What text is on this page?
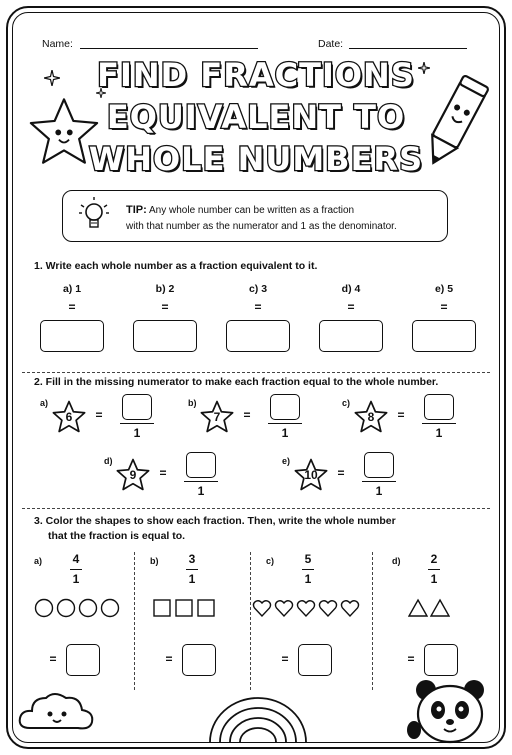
Name:	Date:
FIND FRACTIONS
EQUIVALENT TO
WHOLE NUMBERS
TIP: Any whole number can be written as a fraction
with that number as the numerator and 1 as the denominator.
1. Write each whole number as a fraction equivalent to it.
a) 1
=
b) 2
=
c) 3
=
d) 4
=
e) 5
=
2. Fill in the missing numerator to make each fraction equal to the whole number.
a)
6	=
1
b)
7	=
1
c)
8	=
1
d)
9	=
1
e)
10	=
1
3. Color the shapes to show each fraction. Then, write the whole number
that the fraction is equal to.
a)	4
1
=
b)	3
1
=
c)	5
1
=
d)	2
1
=
